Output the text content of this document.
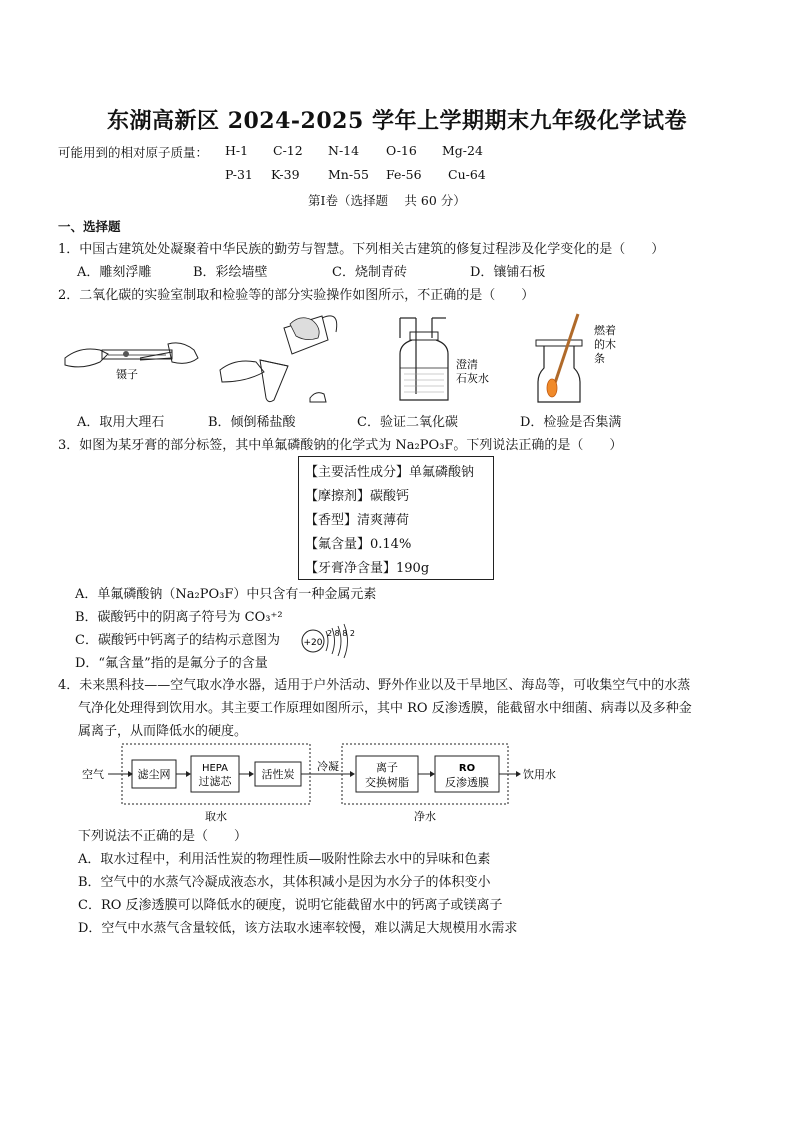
东湖高新区 2024-2025 学年上学期期末九年级化学试卷
可能用到的相对原子质量： H-1 C-12 N-14 O-16 Mg-24
P-31 K-39 Mn-55 Fe-56 Cu-64
第Ⅰ卷（选择题　 共 60 分）
一、选择题
1．中国古建筑处处凝聚着中华民族的勤劳与智慧。下列相关古建筑的修复过程涉及化学变化的是（　　）
A．雕刻浮雕	B．彩绘墙壁	C．烧制青砖	D．镶铺石板
2．二氧化碳的实验室制取和检验等的部分实验操作如图所示，不正确的是（　　）
镊子
澄清
石灰水
燃着
的木
条
A．取用大理石	B．倾倒稀盐酸	C．验证二氧化碳	D．检验是否集满
3．如图为某牙膏的部分标签，其中单氟磷酸钠的化学式为 Na₂PO₃F。下列说法正确的是（　　）
【主要活性成分】单氟磷酸钠
【摩擦剂】碳酸钙
【香型】清爽薄荷
【氟含量】0.14%
【牙膏净含量】190g
A．单氟磷酸钠（Na₂PO₃F）中只含有一种金属元素
B．碳酸钙中的阴离子符号为 CO₃⁺²
C．碳酸钙中钙离子的结构示意图为	+20
2 8 8 2
D．“氟含量”指的是氟分子的含量
4．未来黑科技——空气取水净水器，适用于户外活动、野外作业以及干旱地区、海岛等，可收集空气中的水蒸
气净化处理得到饮用水。其主要工作原理如图所示，其中 RO 反渗透膜，能截留水中细菌、病毒以及多种金
属离子，从而降低水的硬度。
空气	滤尘网	HEPA
过滤芯
活性炭
冷凝	离子
交换树脂
RO
反渗透膜
饮用水
取水	净水
下列说法不正确的是（　　）
A．取水过程中，利用活性炭的物理性质—吸附性除去水中的异味和色素
B．空气中的水蒸气冷凝成液态水，其体积减小是因为水分子的体积变小
C．RO 反渗透膜可以降低水的硬度，说明它能截留水中的钙离子或镁离子
D．空气中水蒸气含量较低，该方法取水速率较慢，难以满足大规模用水需求
